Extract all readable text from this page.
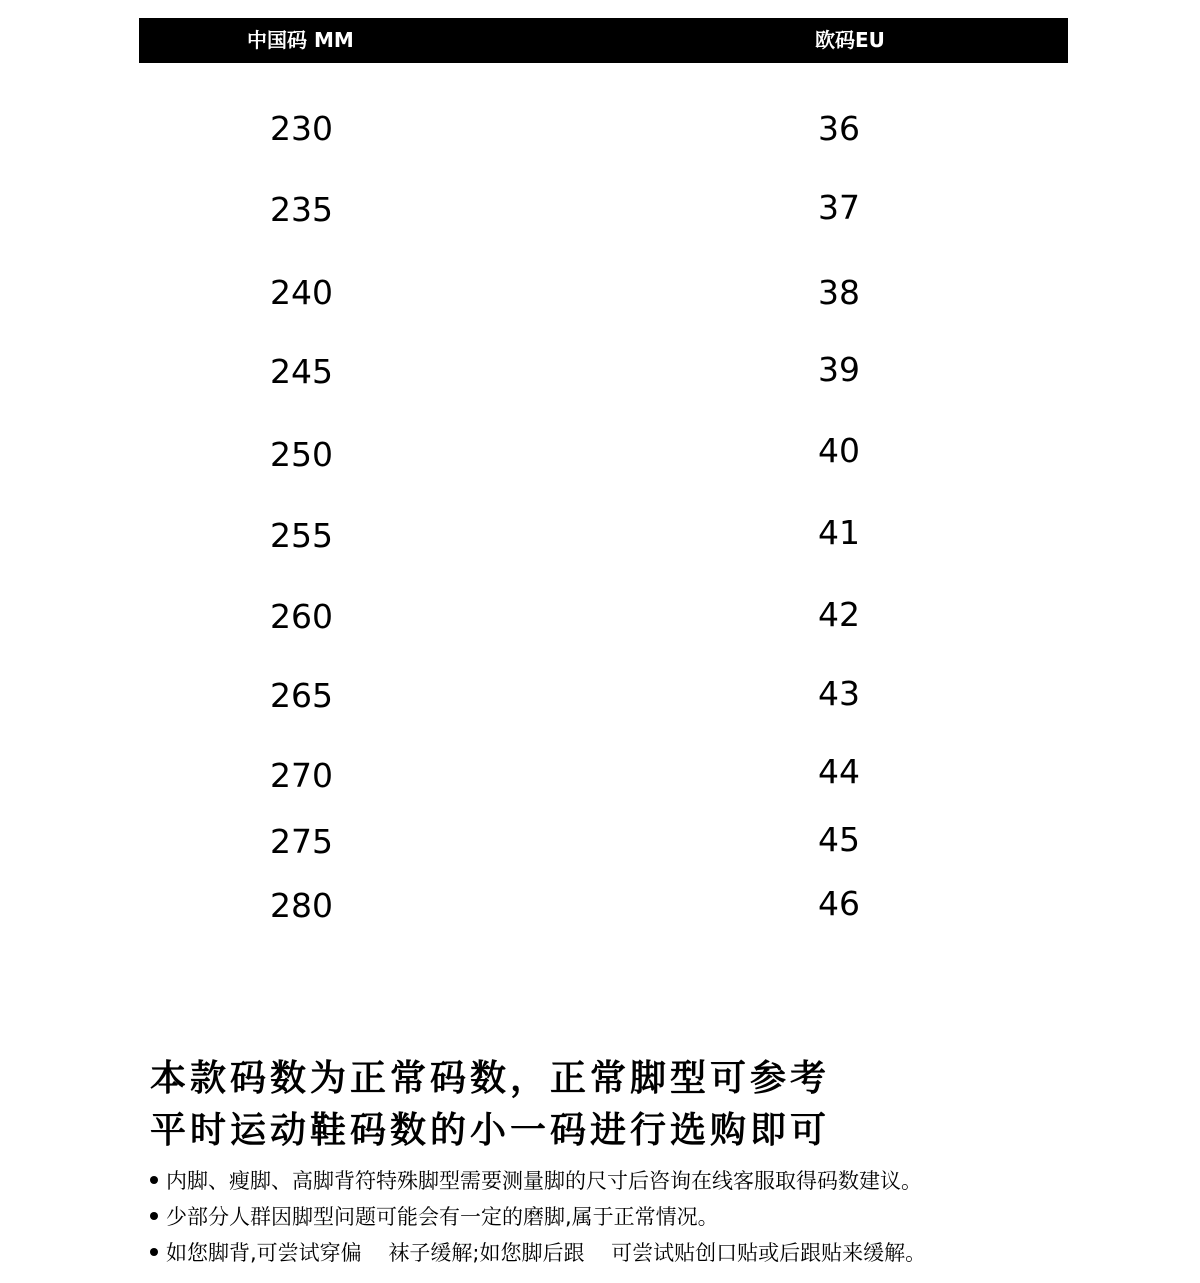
中国码 MM	欧码EU
230	36
235	37
240	38
245	39
250	40
255	41
260	42
265	43
270	44
275	45
280	46
本款码数为正常码数，正常脚型可参考
平时运动鞋码数的小一码进行选购即可
内脚、瘦脚、高脚背符特殊脚型需要测量脚的尺寸后咨询在线客服取得码数建议。
少部分人群因脚型问题可能会有一定的磨脚,属于正常情况。
如您脚背,可尝试穿偏    袜子缓解;如您脚后跟    可尝试贴创口贴或后跟贴来缓解。
